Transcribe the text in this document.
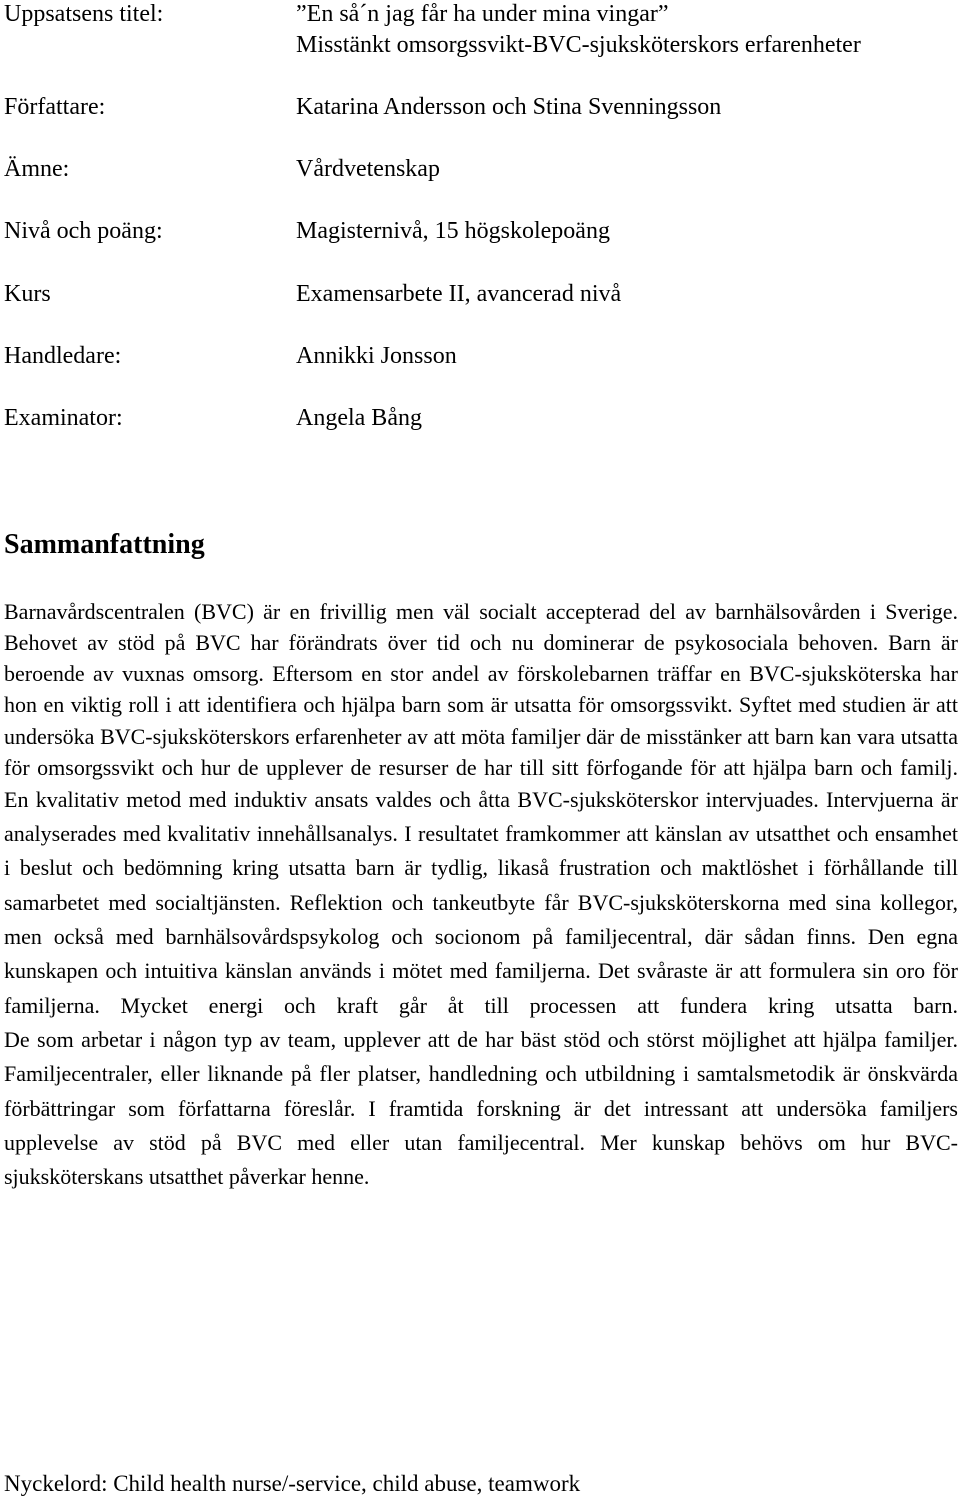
Uppsatsens titel:
Författare:
Ämne:
Nivå och poäng:
Kurs
Handledare:
Examinator:
”En så´n jag får ha under mina vingar”
Misstänkt omsorgssvikt-BVC-sjuksköterskors erfarenheter
Katarina Andersson och Stina Svenningsson
Vårdvetenskap
Magisternivå, 15 högskolepoäng
Examensarbete II, avancerad nivå
Annikki Jonsson
Angela Bång
Sammanfattning

Barnavårdscentralen (BVC) är en frivillig men väl socialt accepterad del av barnhälsovården i Sverige. Behovet av stöd på BVC har förändrats över tid och nu dominerar de psykosociala behoven. Barn är beroende av vuxnas omsorg. Eftersom en stor andel av förskolebarnen träffar en BVC-sjuksköterska har hon en viktig roll i att identifiera och hjälpa barn som är utsatta för omsorgssvikt. Syftet med studien är att undersöka BVC-sjuksköterskors erfarenheter av att möta familjer där de misstänker att barn kan vara utsatta för omsorgssvikt och hur de upplever de resurser de har till sitt förfogande för att hjälpa barn och familj.

En kvalitativ metod med induktiv ansats valdes och åtta BVC-sjuksköterskor intervjuades. Intervjuerna är analyserades med kvalitativ innehållsanalys. I resultatet framkommer att känslan av utsatthet och ensamhet i beslut och bedömning kring utsatta barn är tydlig, likaså frustration och maktlöshet i förhållande till samarbetet med socialtjänsten. Reflektion och tankeutbyte får BVC-sjuksköterskorna med sina kollegor, men också med barnhälsovårdspsykolog och socionom på familjecentral, där sådan finns. Den egna kunskapen och intuitiva känslan används i mötet med familjerna. Det svåraste är att formulera sin oro för familjerna. Mycket energi och kraft går åt till processen att fundera kring utsatta barn.

De som arbetar i någon typ av team, upplever att de har bäst stöd och störst möjlighet att hjälpa familjer. Familjecentraler, eller liknande på fler platser, handledning och utbildning i samtalsmetodik är önskvärda förbättringar som författarna föreslår. I framtida forskning är det intressant att undersöka familjers upplevelse av stöd på BVC med eller utan familjecentral. Mer kunskap behövs om hur BVC-sjuksköterskans utsatthet påverkar henne.

Nyckelord: Child health nurse/-service, child abuse, teamwork
